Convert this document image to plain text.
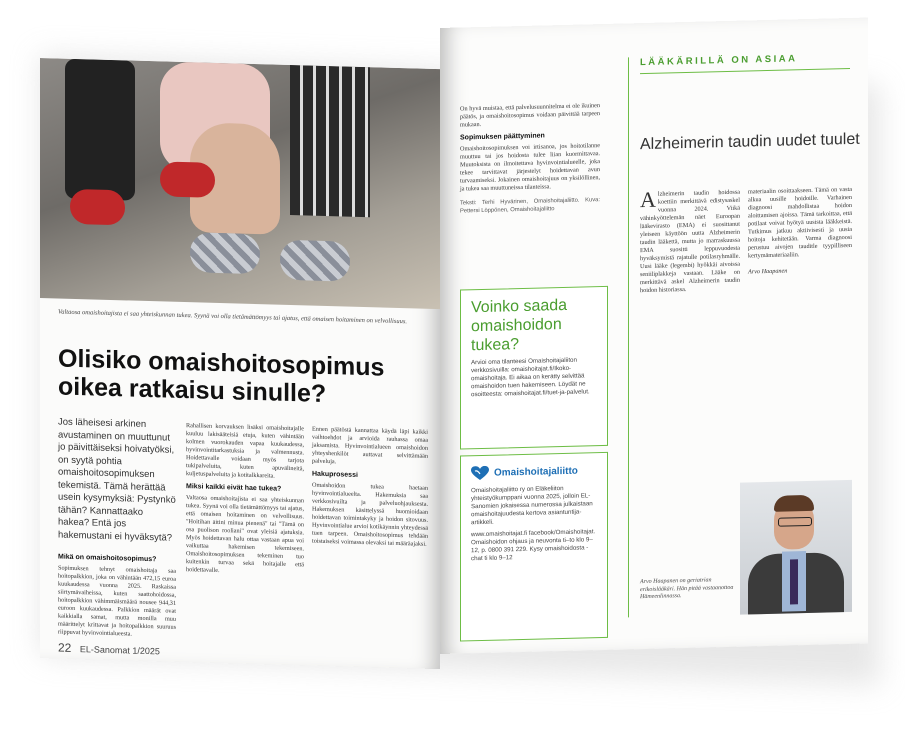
Valtaosa omaishoitajista ei saa yhteiskunnan tukea. Syynä voi olla tietämättömyys tai ajatus, että omaisen hoitaminen on velvollisuus.
Olisiko omaishoitosopimus oikea ratkaisu sinulle?
Jos läheisesi arkinen avustaminen on muuttunut jo päivittäiseksi hoivatyöksi, on syytä pohtia omaishoitosopimuksen tekemistä. Tämä herättää usein kysymyksiä: Pystynkö tähän? Kannattaako hakea? Entä jos hakemustani ei hyväksytä?
Mikä on omaishoitosopimus?
Sopimuksen tehnyt omaishoitaja saa hoitopalkkion, joka on vähintään 472,15 euroa kuukaudessa vuonna 2025. Raskaissa siirtymävaiheissa, kuten saattohoidossa, hoitopalkkion vähimmäismäärä nousee 944,31 euroon kuukaudessa. Palkkion määrät ovat kaikkialla samat, mutta monilla muu määrittelyt krittavat ja hoitopalkkion suuruus riippuvat hyvinvointialueesta.
Rahallisen korvauksen lisäksi omaishoitajalle kuuluu lakisääteisiä etuja, kuten vähintään kolmen vuorokauden vapaa kuukaudessa, hyvinvointitarkastuksia ja valmennusta. Hoidettavalle voidaan myös tarjota tukipalveluita, kuten apuvälineitä, kuljetuspalveluita ja kotitalkkareita.
Miksi kaikki eivät hae tukea?
Valtaosa omaishoitajista ei saa yhteiskunnan tukea. Syynä voi olla tietämättömyys tai ajatus, että omaisen hoitaminen on velvollisuus. "Hoitihan äitini minua pienenä" tai "Tämä on osa puolison rooliani" ovat yleisiä ajatuksia. Myös hoidettavan halu ottaa vastaan apua voi vaikuttaa hakemisen tekemiseen. Omaishoitosopimuksen tekeminen tuo kuitenkin turvaa sekä hoitajalle että hoidettavalle.
Ennen päätöstä kannattaa käydä läpi kaikki vaihtoehdot ja arvioida rauhassa omaa jaksamista. Hyvinvointialueen omaishoidon yhteyshenkilöt auttavat selvittämään palveluja.
Hakuprosessi
Omaishoidon tukea haetaan hyvinvointialueelta. Hakemuksia saa verkkosivuilta ja palveluohjauksesta. Hakemuksen käsittelyssä huomioidaan hoidettavan toimintakyky ja hoidon sitovuus. Hyvinvointialue arvioi kotikäynnin yhteydessä tuen tarpeen. Omaishoitosopimus tehdään toistaiseksi voimassa olevaksi tai määräajaksi.
22 EL-Sanomat 1/2025
On hyvä muistaa, että palvelusuunnitelma ei ole ikuinen päätös, ja omaishoitosopimus voidaan päivittää tarpeen mukaan.
Sopimuksen päättyminen
Omaishoitosopimuksen voi irtisanoa, jos hoitotilanne muuttuu tai jos hoidosta tulee liian kuormittavaa. Muutoksista on ilmoitettava hyvinvointialueelle, joka tekee tarvittavat järjestelyt hoidettavan avun turvaamiseksi. Jokainen omaishoitajuus on yksilöllinen, ja tukea saa muuttuneissa tilanteissa.
Teksti: Terhi Hyvärinen, Omaishoitajaliitto. Kuva: Pettersi Löppönen, Omaishoitajaliitto
Voinko saada omaishoidon tukea?

Arvioi oma tilanteesi Omaishoitajaliiton verkkosivuilla: omaishoitajat.fi/Ikoko-omaishoitaja. Ei aikaa on kerätty selvittää omaishoidon tuen hakemiseen. Löydät ne osoitteesta: omaishoitajat.fi/tuet-ja-palvelut.

Omaishoitajaliitto

Omaishoitajaliitto ry on Eläkeliiton yhteistyökumppani vuonna 2025, jolloin EL-Sanomien jokaisessa numerossa julkaistaan omaishoitajuudesta kertova asiantuntija-artikkeli.

www.omaishoitajat.fi facebook/Omaishoitajat. Omaishoidon ohjaus ja neuvonta ti–to klo 9–12, p. 0800 391 229. Kysy omaishoidosta -chat ti klo 9–12

LÄÄKÄRILLÄ ON ASIAA
Alzheimerin taudin uudet tuulet
A lzheimerin taudin hoidossa koettiin merkittävä edistysaskel vuonna 2024. Viikä vähinkyöttelemän näet Euroopan lääkevirasto (EMA) ei suosittanut yleiseen käyttöön uutta Alzheimerin taudin lääkettä, mutta jo marraskuussa EMA suositti leppuvuodesta hyväksymistä rajatulle potilasryhmälle. Uusi lääke (legembi) hyökkäi aivoissa seniiliplakkeja vastaan. Lääke on merkittävä askel Alzheimerin taudin hoidon historiassa.
materiaalin osoittaakseen. Tämä on vasta alkua uusille hoidoille. Varhainen diagnoosi mahdollistaa hoidon aloittamisen ajoissa. Tämä tarkoittaa, että potilaat voivat hyötyä uusista lääkkeistä. Tutkimus jatkuu aktiivisesti ja uusia hoitoja kehitetään. Varma diagnoosi perustuu aivojen tauditle tyypilliseen kertymämateriaaliin.
Arvo Haapanen
Arvo Haapanen on geriatrian erikoislääkäri. Hän pitää vastaanottoa Hämeenlinnassa.
